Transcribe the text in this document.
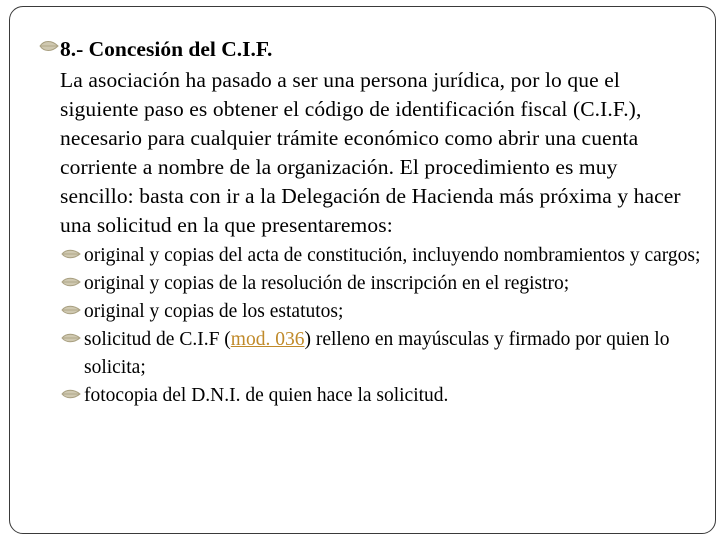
8.- Concesión del C.I.F.

La asociación ha pasado a ser una persona jurídica, por lo que el siguiente paso es obtener el código de identificación fiscal (C.I.F.), necesario para cualquier trámite económico como abrir una cuenta corriente a nombre de la organización. El procedimiento es muy sencillo: basta con ir a la Delegación de Hacienda más próxima y hacer una solicitud en la que presentaremos:

original y copias del acta de constitución, incluyendo nombramientos y cargos;
original y copias de la resolución de inscripción en el registro;
original y copias de los estatutos;
solicitud de C.I.F (mod. 036) relleno en mayúsculas y firmado por quien lo solicita;
fotocopia del D.N.I. de quien hace la solicitud.
